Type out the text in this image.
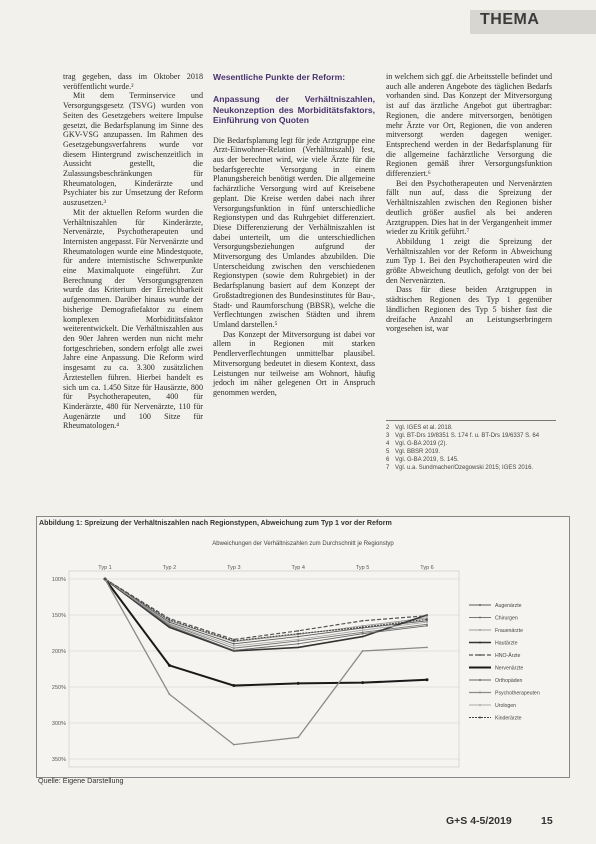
THEMA

trag gegeben, dass im Oktober 2018 veröffentlicht wurde.²

Mit dem Terminservice und Versorgungsgesetz (TSVG) wurden von Seiten des Gesetzgebers weitere Impulse gesetzt, die Bedarfsplanung im Sinne des GKV-VSG anzupassen. Im Rahmen des Gesetzgebungsverfahrens wurde vor diesem Hintergrund zwischenzeitlich in Aussicht gestellt, die Zulassungsbeschränkungen für Rheumatologen, Kinderärzte und Psychiater bis zur Umsetzung der Reform auszusetzen.³

Mit der aktuellen Reform wurden die Verhältniszahlen für Kinderärzte, Nervenärzte, Psychotherapeuten und Internisten angepasst. Für Nervenärzte und Rheumatologen wurde eine Mindestquote, für andere internistische Schwerpunkte eine Maximalquote eingeführt. Zur Berechnung der Versorgungsgrenzen wurde das Kriterium der Erreichbarkeit aufgenommen. Darüber hinaus wurde der bisherige Demografiefaktor zu einem komplexen Morbiditätsfaktor weiterentwickelt. Die Verhältniszahlen aus den 90er Jahren werden nun nicht mehr fortgeschrieben, sondern erfolgt alle zwei Jahre eine Anpassung. Die Reform wird insgesamt zu ca. 3.300 zusätzlichen Ärztestellen führen. Hierbei handelt es sich um ca. 1.450 Sitze für Hausärzte, 800 für Psychotherapeuten, 400 für Kinderärzte, 480 für Nervenärzte, 110 für Augenärzte und 100 Sitze für Rheumatologen.⁴

Wesentliche Punkte der Reform:

Anpassung der Verhältniszahlen, Neukonzeption des Morbiditätsfaktors, Einführung von Quoten

Die Bedarfsplanung legt für jede Arztgruppe eine Arzt-Einwohner-Relation (Verhältniszahl) fest, aus der berechnet wird, wie viele Ärzte für die bedarfsgerechte Versorgung in einem Planungsbereich benötigt werden. Die allgemeine fachärztliche Versorgung wird auf Kreisebene geplant. Die Kreise werden dabei nach ihrer Versorgungsfunktion in fünf unterschiedliche Regionstypen und das Ruhrgebiet differenziert. Diese Differenzierung der Verhältniszahlen ist dabei unterteilt, um die unterschiedlichen Versorgungsbeziehungen aufgrund der Mitversorgung des Umlandes abzubilden. Die Unterscheidung zwischen den verschiedenen Regionstypen (sowie dem Ruhrgebiet) in der Bedarfsplanung basiert auf dem Konzept der Großstadtregionen des Bundesinstitutes für Bau-, Stadt- und Raumforschung (BBSR), welche die Verflechtungen zwischen Städten und ihrem Umland darstellen.⁵

Das Konzept der Mitversorgung ist dabei vor allem in Regionen mit starken Pendlerverflechtungen unmittelbar plausibel. Mitversorgung bedeutet in diesem Kontext, dass Leistungen nur teilweise am Wohnort, häufig jedoch im näher gelegenen Ort in Anspruch genommen werden,

in welchem sich ggf. die Arbeitsstelle befindet und auch alle anderen Angebote des täglichen Bedarfs vorhanden sind. Das Konzept der Mitversorgung ist auf das ärztliche Angebot gut übertragbar: Regionen, die andere mitversorgen, benötigen mehr Ärzte vor Ort, Regionen, die von anderen mitversorgt werden dagegen weniger. Entsprechend werden in der Bedarfsplanung für die allgemeine fachärztliche Versorgung die Regionen gemäß ihrer Versorgungsfunktion differenziert.⁶

Bei den Psychotherapeuten und Nervenärzten fällt nun auf, dass die Spreizung der Verhältniszahlen zwischen den Regionen bisher deutlich größer ausfiel als bei anderen Arztgruppen. Dies hat in der Vergangenheit immer wieder zu Kritik geführt.⁷

Abbildung 1 zeigt die Spreizung der Verhältniszahlen vor der Reform in Abweichung zum Typ 1. Bei den Psychotherapeuten wird die größte Abweichung deutlich, gefolgt von der bei den Nervenärzten.

Dass für diese beiden Arztgruppen in städtischen Regionen des Typ 1 gegenüber ländlichen Regionen des Typ 5 bisher fast die dreifache Anzahl an Leistungserbringern vorgesehen ist, war

2 Vgl. IGES et al. 2018.
3 Vgl. BT-Drs 19/8351 S. 174 f. u. BT-Drs 19/6337 S. 64
4 Vgl. G-BA 2019 (2).
5 Vgl. BBSR 2019.
6 Vgl. G-BA 2019, S. 145.
7 Vgl. u.a. Sundmacher/Ozegowski 2015; IGES 2016.
Abbildung 1: Spreizung der Verhältniszahlen nach Regionstypen, Abweichung zum Typ 1 vor der Reform
Abweichungen der Verhältniszahlen zum Durchschnitt je Regionstyp
100%
150%
200%
250%
300%
350%
Typ 1	Typ 2	Typ 3	Typ 4	Typ 5	Typ 6
Augenärzte
Chirurgen
Frauenärzte
Hautärzte
HNO-Ärzte
Nervenärzte
Orthopäden
Psychotherapeuten
Urologen
Kinderärzte
Quelle: Eigene Darstellung
G+S 4-5/2019	15
